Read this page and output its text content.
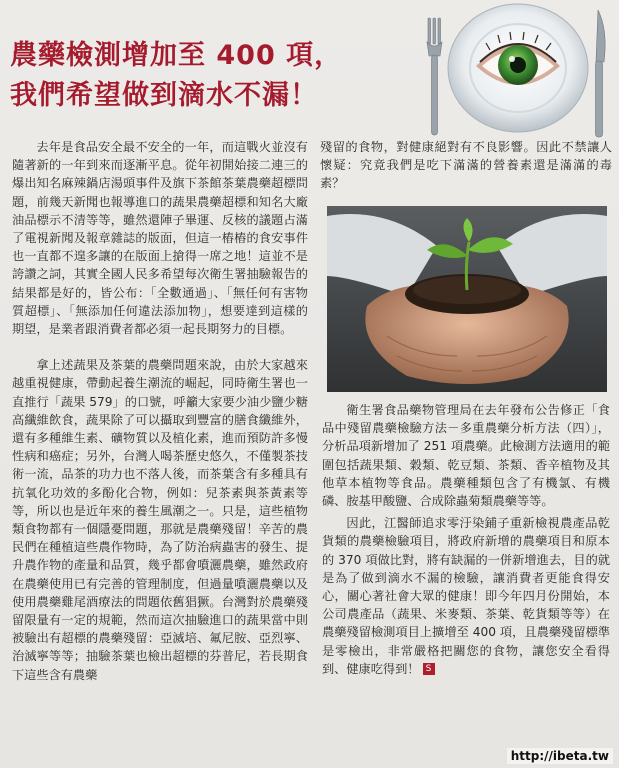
農藥檢測增加至 400 項，
我們希望做到滴水不漏！

去年是食品安全最不安全的一年，而這戰火並沒有隨著新的一年到來而逐漸平息。從年初開始接二連三的爆出知名麻辣鍋店湯頭事件及旗下茶館茶葉農藥超標問題，前幾天新聞也報導進口的蔬果農藥超標和知名大廠油品標示不清等等，雖然還陣子畢運、反核的議題占滿了電視新聞及報章雜誌的版面，但這一樁樁的食安事件也一直都不遑多讓的在版面上搶得一席之地！這並不是誇讚之詞，其實全國人民多希望每次衛生署抽驗報告的結果都是好的，皆公布：「全數通過」、「無任何有害物質超標」、「無添加任何違法添加物」，想要達到這樣的期望，是業者跟消費者都必須一起長期努力的目標。

拿上述蔬果及茶葉的農藥問題來說，由於大家越來越重視健康，帶動起養生潮流的崛起，同時衛生署也一直推行「蔬果 579」的口號，呼籲大家要少油少鹽少糖高纖維飲食，蔬果除了可以攝取到豐富的膳食纖維外，還有多種維生素、礦物質以及植化素，進而預防許多慢性病和癌症；另外，台灣人喝茶歷史悠久，不僅製茶技術一流，品茶的功力也不落人後，而茶葉含有多種具有抗氧化功效的多酚化合物，例如：兒茶素與茶黃素等等，所以也是近年來的養生風潮之一。只是，這些植物類食物都有一個隱憂問題，那就是農藥殘留！辛苦的農民們在種植這些農作物時，為了防治病蟲害的發生、提升農作物的產量和品質，幾乎都會噴灑農藥，雖然政府在農藥使用已有完善的管理制度，但過量噴灑農藥以及使用農藥雞尾酒療法的問題依舊猖獗。台灣對於農藥殘留限量有一定的規範，然而這次抽驗進口的蔬果當中則被驗出有超標的農藥殘留：亞滅培、氟尼胺、亞烈寧、治滅寧等等；抽驗茶葉也檢出超標的芬普尼，若長期食下這些含有農藥

殘留的食物，對健康絕對有不良影響。因此不禁讓人懷疑：究竟我們是吃下滿滿的營養素還是滿滿的毒素？

衛生署食品藥物管理局在去年發布公告修正「食品中殘留農藥檢驗方法－多重農藥分析方法（四）」，分析品項新增加了 251 項農藥。此檢測方法適用的範圍包括蔬果類、穀類、乾豆類、茶類、香辛植物及其他草本植物等食品。農藥種類包含了有機氯、有機磷、胺基甲酸鹽、合成除蟲菊類農藥等等。

因此，江醫師追求零汙染鋪子重新檢視農產品乾貨類的農藥檢驗項目，將政府新增的農藥項目和原本的 370 項做比對，將有缺漏的一併新增進去，目的就是為了做到滴水不漏的檢驗，讓消費者更能食得安心，關心著社會大眾的健康！即今年四月份開始，本公司農產品（蔬果、米麥類、茶葉、乾貨類等等）在農藥殘留檢測項目上擴增至 400 項，且農藥殘留標準是零檢出，非常嚴格把關您的食物，讓您安全看得到、健康吃得到！ S

http://ibeta.tw
